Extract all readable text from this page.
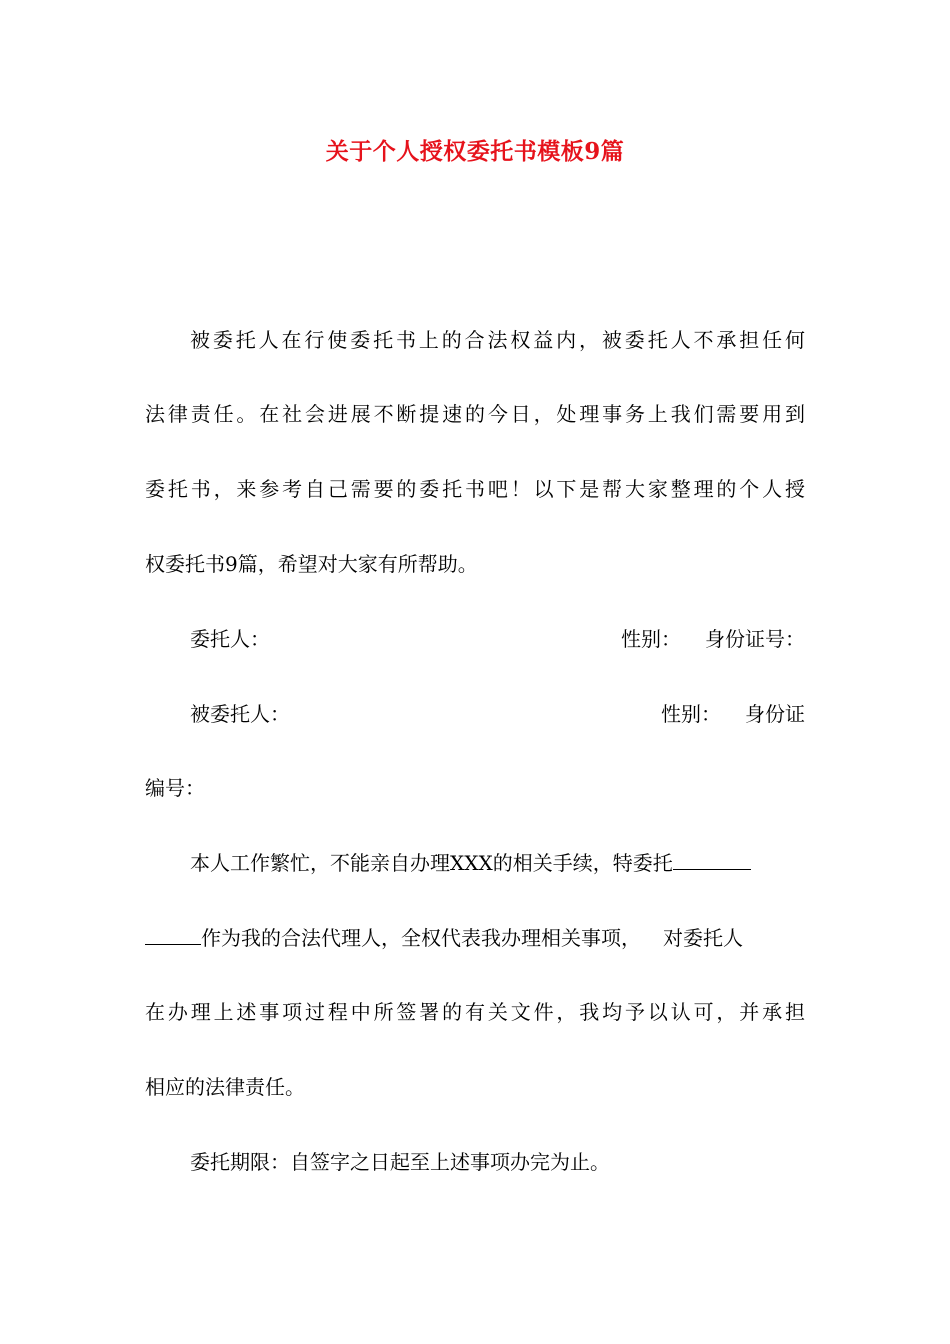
关于个人授权委托书模板9篇
被委托人在行使委托书上的合法权益内，被委托人不承担任何
法律责任。在社会进展不断提速的今日，处理事务上我们需要用到
委托书，来参考自己需要的委托书吧！以下是帮大家整理的个人授
权委托书9篇，希望对大家有所帮助。
委托人：	性别： 身份证号：
被委托人：	性别： 身份证
编号：
本人工作繁忙，不能亲自办理XXX的相关手续，特委托
作为我的合法代理人，全权代表我办理相关事项， 对委托人
在办理上述事项过程中所签署的有关文件，我均予以认可，并承担
相应的法律责任。
委托期限：自签字之日起至上述事项办完为止。
